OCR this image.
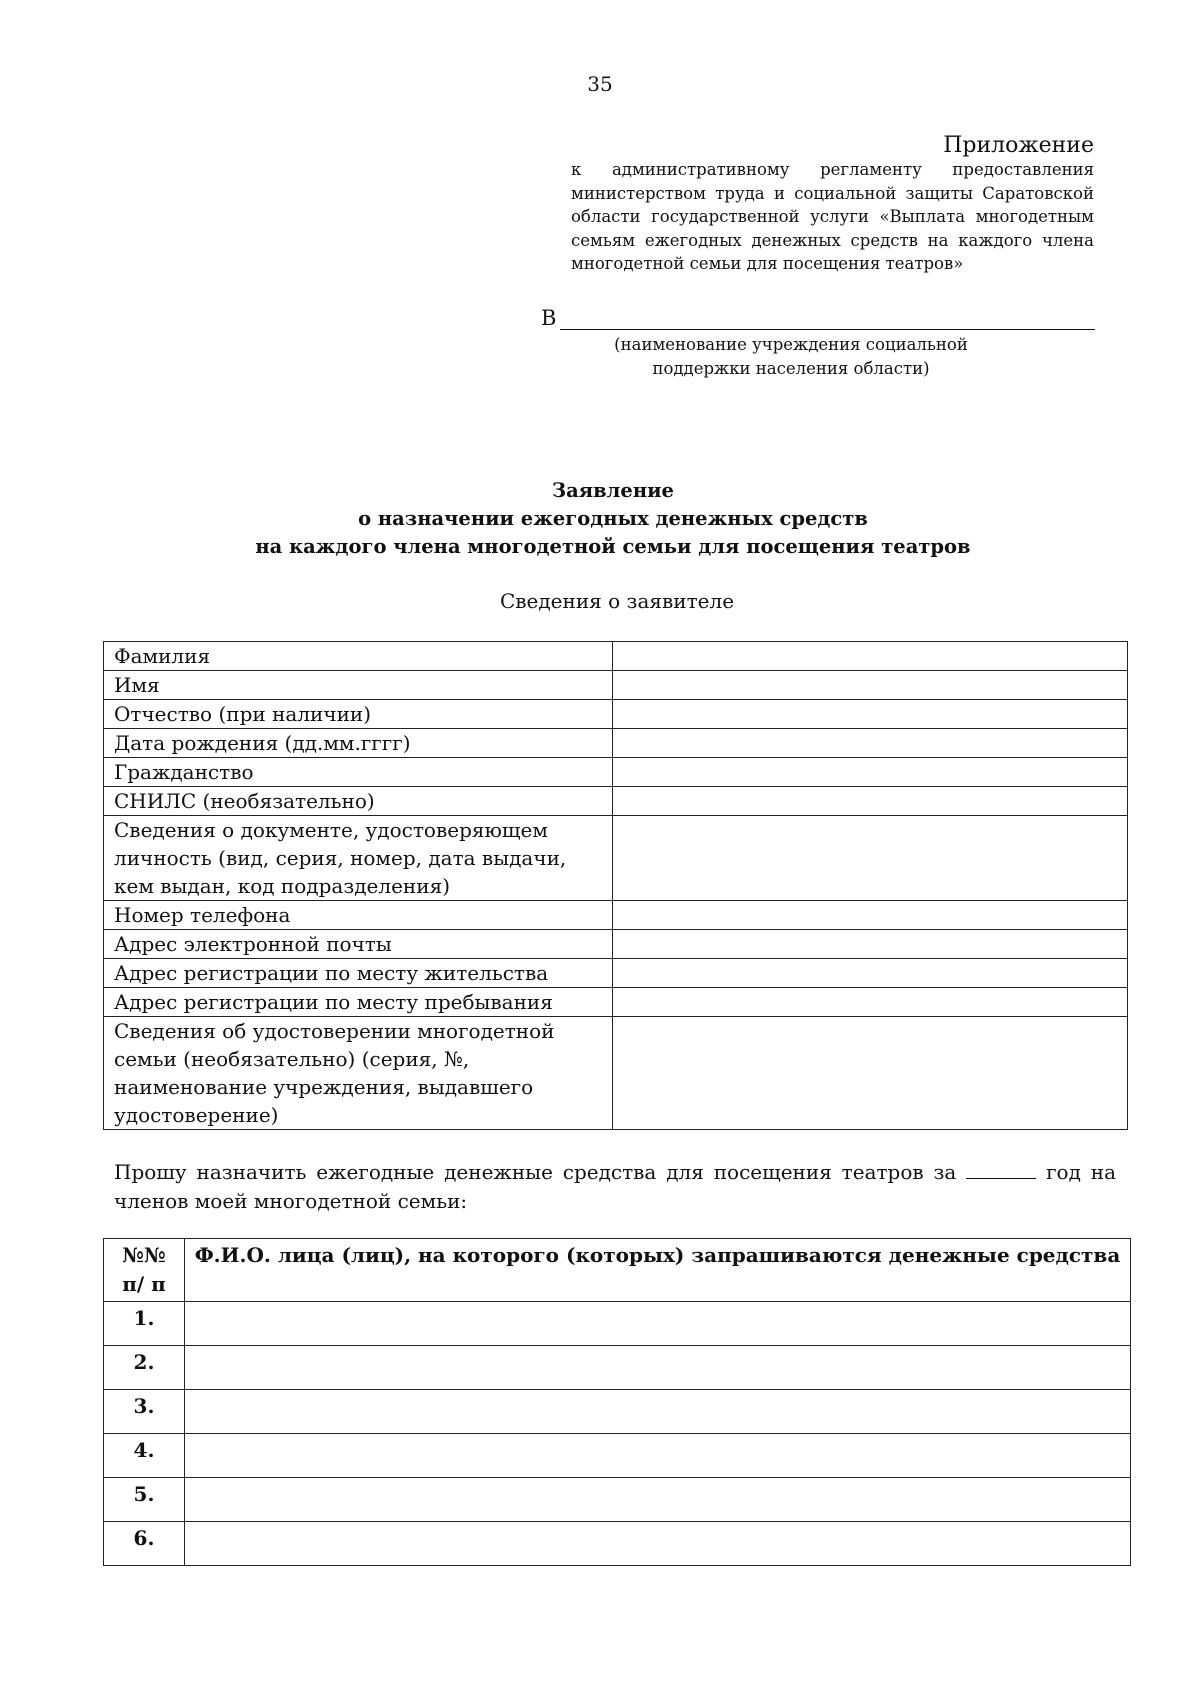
35
Приложение
к административному регламенту предоставления министерством труда и социальной защиты Саратовской области государственной услуги «Выплата многодетным семьям ежегодных денежных средств на каждого члена многодетной семьи для посещения театров»
В
(наименование учреждения социальной поддержки населения области)
Заявление
о назначении ежегодных денежных средств
на каждого члена многодетной семьи для посещения театров
Сведения о заявителе
Фамилия	
Имя	
Отчество (при наличии)	
Дата рождения (дд.мм.гггг)	
Гражданство	
СНИЛС (необязательно)	
Сведения о документе, удостоверяющем личность (вид, серия, номер, дата выдачи, кем выдан, код подразделения)	
Номер телефона	
Адрес электронной почты	
Адрес регистрации по месту жительства	
Адрес регистрации по месту пребывания	
Сведения об удостоверении многодетной семьи (необязательно) (серия, №, наименование учреждения, выдавшего удостоверение)	
Прошу назначить ежегодные денежные средства для посещения театров за	год на членов моей многодетной семьи:
№№ п/ п	Ф.И.О. лица (лиц), на которого (которых) запрашиваются денежные средства
1.	
2.	
3.	
4.	
5.	
6.	
